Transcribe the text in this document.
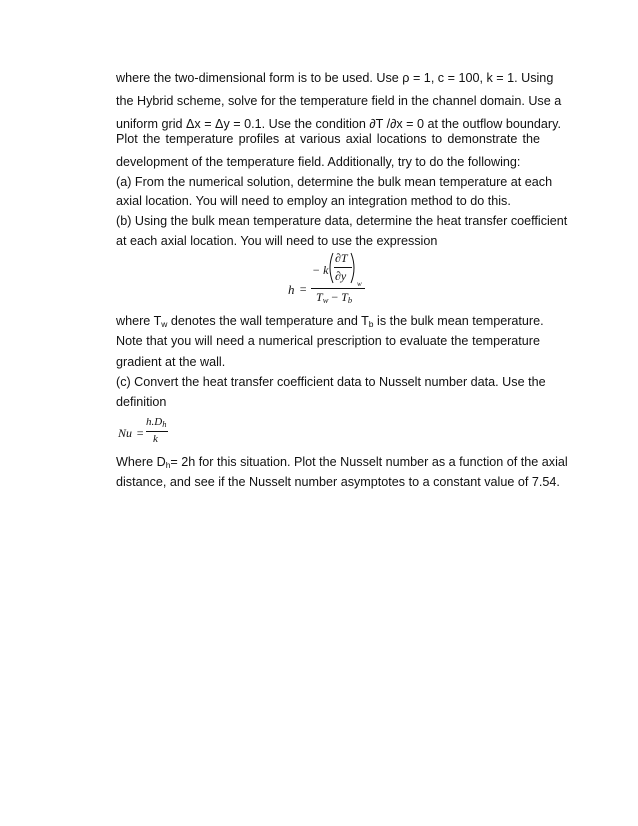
where the two-dimensional form is to be used. Use ρ = 1, c = 100, k = 1. Using
the Hybrid scheme, solve for the temperature field in the channel domain. Use a
uniform grid Δx = Δy = 0.1. Use the condition ∂T /∂x = 0 at the outflow boundary.
Plot the temperature profiles at various axial locations to demonstrate the
development of the temperature field. Additionally, try to do the following:
(a) From the numerical solution, determine the bulk mean temperature at each
axial location. You will need to employ an integration method to do this.
(b) Using the bulk mean temperature data, determine the heat transfer coefficient
at each axial location. You will need to use the expression
h =
− k
∂T
∂y
w
$T_w - T_b$
where $T_w$ denotes the wall temperature and $T_b$ is the bulk mean temperature.
Note that you will need a numerical prescription to evaluate the temperature
gradient at the wall.
(c) Convert the heat transfer coefficient data to Nusselt number data. Use the
definition
Nu =
$h.D_h$
k
Where $D_h= 2h$ for this situation. Plot the Nusselt number as a function of the axial
distance, and see if the Nusselt number asymptotes to a constant value of 7.54.
